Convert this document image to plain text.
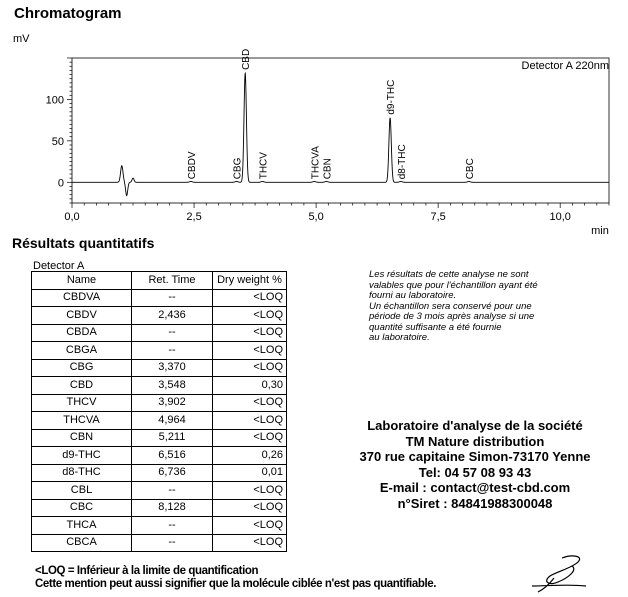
Chromatogram
mV
0,0	2,5	5,0	7,5	10,0
0
50
100
CBDV	CBG
CBD
THCV	THCVA CBN
d9-THC
d8-THC	CBC
Detector A 220nm
min
Résultats quantitatifs
Detector A
Name	Ret. Time	Dry weight %
CBDVA	--	<LOQ
CBDV	2,436	<LOQ
CBDA	--	<LOQ
CBGA	--	<LOQ
CBG	3,370	<LOQ
CBD	3,548	0,30
THCV	3,902	<LOQ
THCVA	4,964	<LOQ
CBN	5,211	<LOQ
d9-THC	6,516	0,26
d8-THC	6,736	0,01
CBL	--	<LOQ
CBC	8,128	<LOQ
THCA	--	<LOQ
CBCA	--	<LOQ
Les résultats de cette analyse ne sont
valables que pour l'échantillon ayant été
fourni au laboratoire.
Un échantillon sera conservé pour une
période de 3 mois après analyse si une
quantité suffisante a été fournie
au laboratoire.
Laboratoire d'analyse de la société
TM Nature distribution
370 rue capitaine Simon-73170 Yenne
Tel: 04 57 08 93 43
E-mail : contact@test-cbd.com
n°Siret : 84841988300048
<LOQ = Inférieur à la limite de quantification
Cette mention peut aussi signifier que la molécule ciblée n'est pas quantifiable.
